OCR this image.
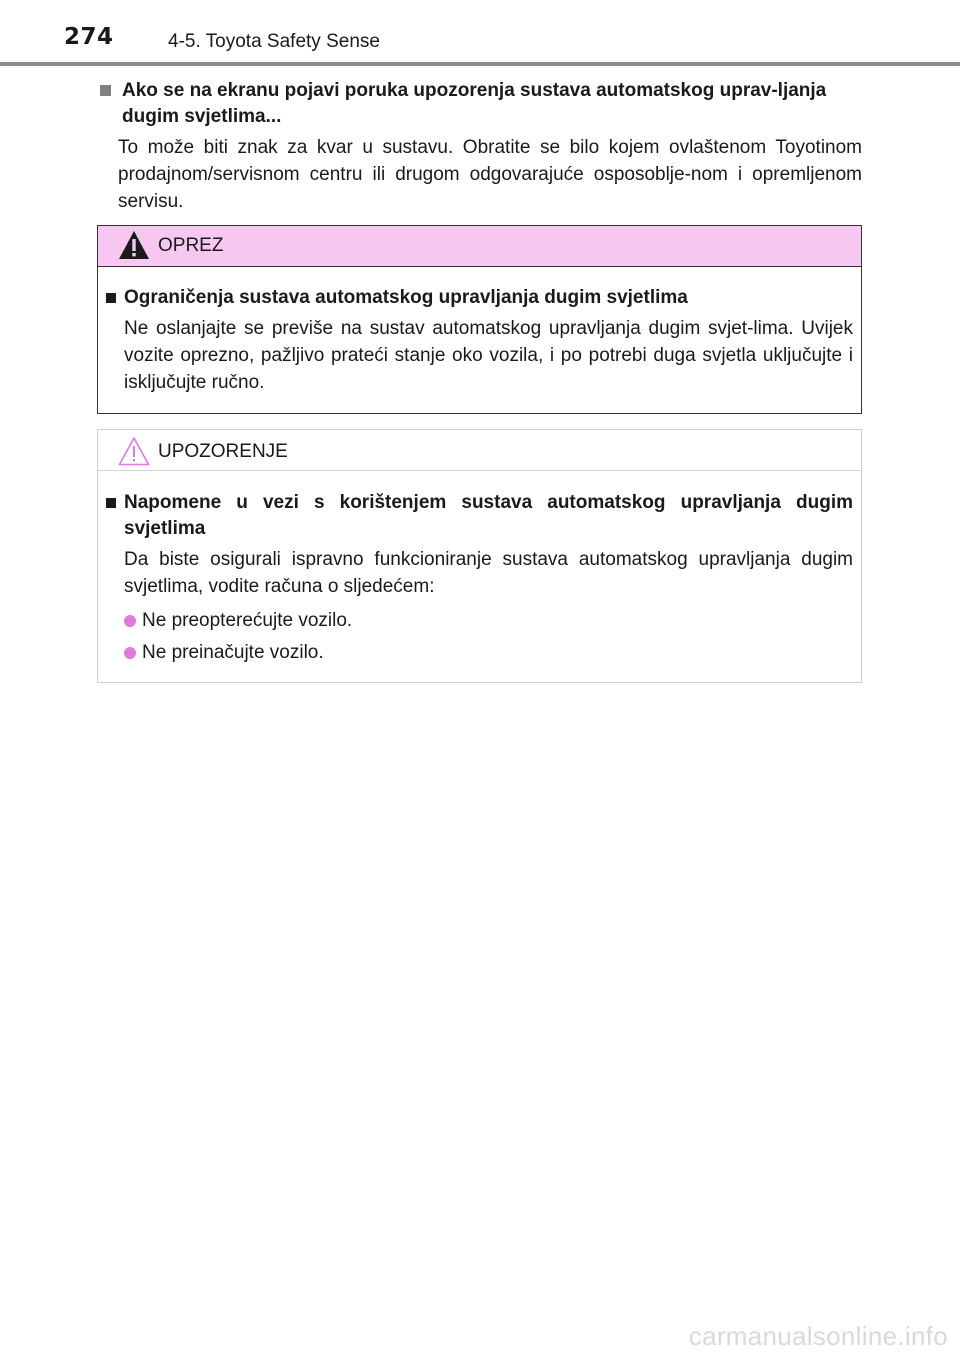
274	4-5. Toyota Safety Sense

Ako se na ekranu pojavi poruka upozorenja sustava automatskog uprav-ljanja dugim svjetlima...

To može biti znak za kvar u sustavu. Obratite se bilo kojem ovlaštenom Toyotinom prodajnom/servisnom centru ili drugom odgovarajuće osposoblje-nom i opremljenom servisu.

OPREZ

Ograničenja sustava automatskog upravljanja dugim svjetlima

Ne oslanjajte se previše na sustav automatskog upravljanja dugim svjet-lima. Uvijek vozite oprezno, pažljivo prateći stanje oko vozila, i po potrebi duga svjetla uključujte i isključujte ručno.

UPOZORENJE

Napomene u vezi s korištenjem sustava automatskog upravljanja dugim svjetlima

Da biste osigurali ispravno funkcioniranje sustava automatskog upravljanja dugim svjetlima, vodite računa o sljedećem:

Ne preopterećujte vozilo.
Ne preinačujte vozilo.
carmanualsonline.info
